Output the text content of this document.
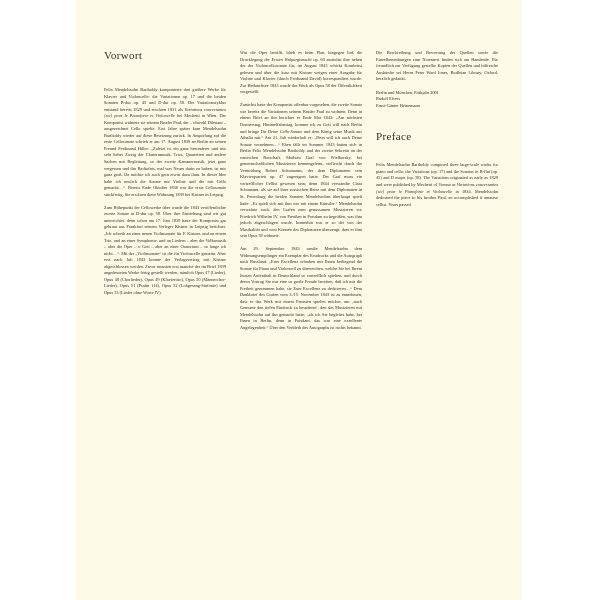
Vorwort

Felix Mendelssohn Bartholdy komponierte drei größere Werke für Klavier und Violoncelle: die Variationen op. 17 und die beiden Sonaten B-dur op. 45 und D-dur op. 58. Der Variationszyklus entstand bereits 1829 und erschien 1831 als Variations concertantes [sic] pour le Pianoforte et Violoncelle bei Mechetti in Wien. Der Komponist widmete sie seinem Bruder Paul, der – obwohl Dilettant – ausgezeichnet Cello spielte. Erst Jahre später kam Mendelssohn Bartholdy wieder auf diese Besetzung zurück. In Anspielung auf die erste Cellosonate schrieb er am 17. August 1839 an Berlin an seinen Freund Ferdinand Hiller: „Zuletzt ist ein ganz besonderer und mir sehr lieber Zweig der Clariernmusik, Trios, Quartetten und andere Sachen mit Begleitung, so der zweite Kammermusik, jetzt ganz vergessen und das Bedürfnis, mal was Neues darin zu haben, ist mir ganz groß. Da möchte ich auch gern etwas dazu thun. In dieser Idee habe ich neulich die Sonate mit Violine und die mit Cello gemacht…“. Bereits Ende Oktober 1838 war die erste Cellosonate stückfertig. Sie erschien diese Widmung 1839 bei Kistner in Leipzig.

Zum Höhepunkt der Cellowerke über wurde die 1843 veröffentlichte zweite Sonate in D-dur op. 58. Über ihre Entstehung sind wir gut unterrichtet, denn schon am 17. Juni 1839 hatte der Komponist gar gebraut aus Frankfurt seinem Verleger Kistner in Leipzig berichtet: „Ich schreib an einer neuen Violinsonate für F. Kistner, und an einem Trio, und an einer Symphonie, und an Liedern – aber die Volksmusik – aber die Oper – o Gott – aber an einer Oratorium – so lange ich nicht…“. Mit der „Violinsonate“ ist die für Violoncelle gemeint. Aber erst nach Juli 1843 konnte der Verlagsvertrag mit Kistner abgeschlossen werden. Zuvor mussten erst manche der im Brief 1839 angedeuteten Werke fertig gestellt werden, nämlich Opus 47 (Lieder), Opus 48 (Chorlieder), Opus 49 (Klaviertrio), Opus 50 (Männerchor-Lieder), Opus 51 (Psalm 114), Opus 52 (Lobgesang-Sinfonie) und Opus 53 (Lieder ohne Worte IV).

Was die Oper betrifft, blieb es beim Plan, hingegen ließ die Drucklegung der Ersten Walpurgisnacht op. 60 zunächst ihre neben der der Violoncellosonate für; im August 1843 schickt Kornbrüst gelesen und über die kurz mit Kistner weigen einer Ausgabe für Violine und Klavier (durch Ferdinand David) korrespondiert wurde. Zur Herkunftsee 1843 wurde das Werk als Opus 58 der Öffentlichkeit vorgestellt.

Zunächst hatte der Komponist offenbar vorgesehen, die zweite Sonate wie bereits die Variationen seinem Bruder Paul zu widmen. Denn in einem Brief an ihn berichtet er Ende Mai 1843: „Am nächsten Donnerstag, Himmelfahrtstag, komme ich zu Gott will nach Berlin und bringe Dir Deine Cello-Sonate und dem König seine Musik aus Athalia mit.“ Am 21. Juli wiederholt er: „Dein will ich auch Deine Sonate vornehmen…“ Eben fällt im Sommer 1843 hatten sich in Berlin Felix Mendelssohn Bartholdy und der zweite Sekretär an der russischen Botschaft, Mathieu Graf von Wielhorsky, bei gemeinschaftlichen Musizieren kennengelernt, vielleicht durch die Vermittlung Robert Schumanns, der dem Diplomaten sein Klavierquartett op. 47 zugeeignet hatte. Der Graf muss ein vortrefflicher Cellist gewesen sein, denn 1844 verwandte Clara Schumann, als sie auf ihrer russischen Reise mit dem Diplomaten in St. Petersburg die beiden Sonaten Mendelssohns überhaupt spielt hatte: „Es spielt sich mit ihm wie mit einem Künstler.“ Mendelssohn verwahrte auch, den Grafen zum genussamen Musizieren vor Friedrich Wilhelm IV. von Preußen in Potsdam zu begrüßen, was ihm jedoch abgeschlagen wurde. Immerhin war er so der von der Musikalität und vom Können des Diplomaten überzeugt, dass er ihm sein Opus 58 widmete.

Am 29. September 1843 sandte Mendelssohn dem Widmungsempfänger ein Exemplar des Erstdrucks und die Autograph nach Russland: „Euer Excellenz erlauben mir Ihnen beiliegend die Sonate für Piano und Violoncell zu überreichen, welche Sie bei Ihrem letzten Aufenthalt in Deutschland so vortrefflich spielten, und durch deren Vortrag Sie mir eine so große Freude bereiten, daß ich mir die Freiheit genommen habe, sie Euer Excellenz zu dedicieren…“ Dem Dankbrief des Grafen vom 3./15. November 1843 ist zu entnehmen, dass er das Werk mit einem Panisten spielen möchte, um „nach Gemuete den tiefen Eindruck zu besudenn“, den das Musizieren mit Mendelssohn auf ihn gemacht hatte; „als ich Sie begleitet habe, bei Ihnen in Berlin, denn in Potsdam, das war eine exzellente Angelegenheit.“ Über den Verbleib des Autographs ist nichts bekannt.

Die Beschreibung und Bewertung der Quellen sowie die Einzelbemerkungen zum Notentext finden sich am Handende. Für freundlich zur Verfügung gestellte Kopien der Quellen und hilfreiche Auskünfte sei Herrn Peter Ward Jones, Bodleian Library, Oxford, herzlich gedankt.

Berlin und München, Frühjahr 2001
Rudolf Elvers
Ernst-Günter Heinemann
Preface

Felix Mendelssohn Bartholdy composed three large-scale works for piano and cello: the Variations (op. 17) and the Sonatas in B-flat (op. 45) and D major (op. 58). The Variations originated as early as 1829 and were published by Mechetti of Vienna as Variations concertantes [sic] pour le Pianoforte et Violoncelle in 1834. Mendelssohn dedicated the piece to his brother Paul, an accomplished if amateur cellist. Years passed
